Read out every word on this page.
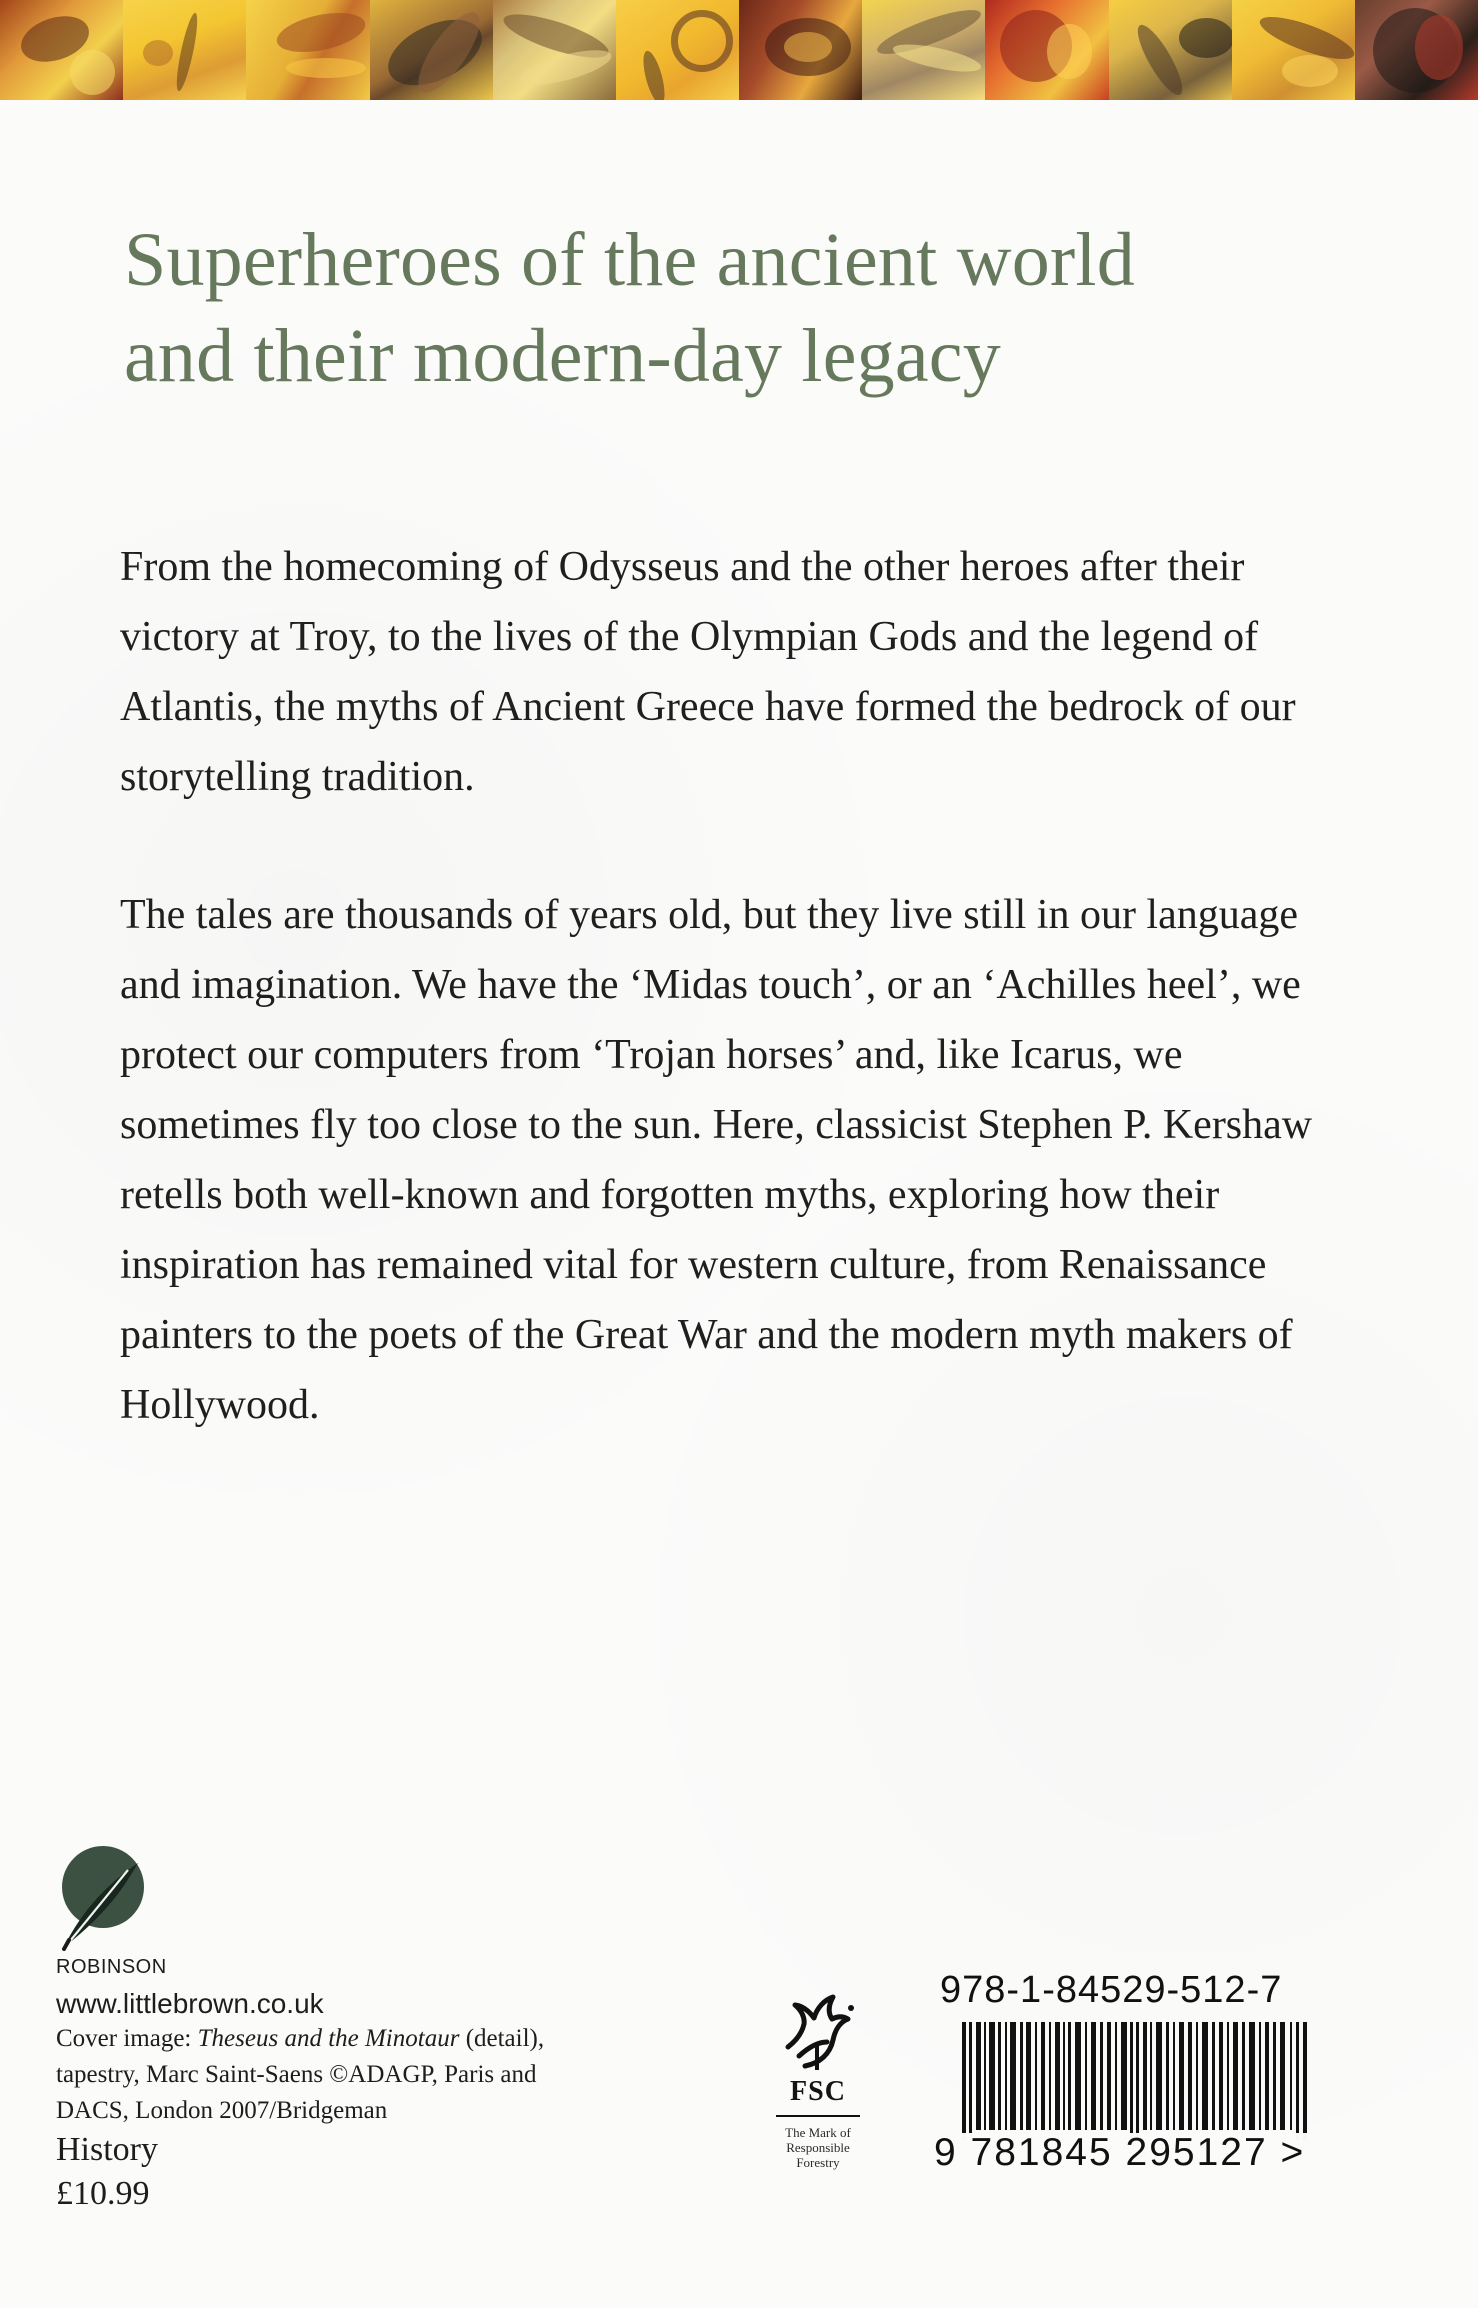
Superheroes of the ancient world
and their modern-day legacy

From the homecoming of Odysseus and the other heroes after their victory at Troy, to the lives of the Olympian Gods and the legend of Atlantis, the myths of Ancient Greece have formed the bedrock of our storytelling tradition.

The tales are thousands of years old, but they live still in our language and imagination. We have the ‘Midas touch’, or an ‘Achilles heel’, we protect our computers from ‘Trojan horses’ and, like Icarus, we sometimes fly too close to the sun. Here, classicist Stephen P. Kershaw retells both well-known and forgotten myths, exploring how their inspiration has remained vital for western culture, from Renaissance painters to the poets of the Great War and the modern myth makers of Hollywood.

ROBINSON
www.littlebrown.co.uk
Cover image: Theseus and the Minotaur (detail),
tapestry, Marc Saint-Saens ©ADAGP, Paris and
DACS, London 2007/Bridgeman
History
£10.99
FSC
The Mark of Responsible Forestry
978-1-84529-512-7
9 781845 295127 >
